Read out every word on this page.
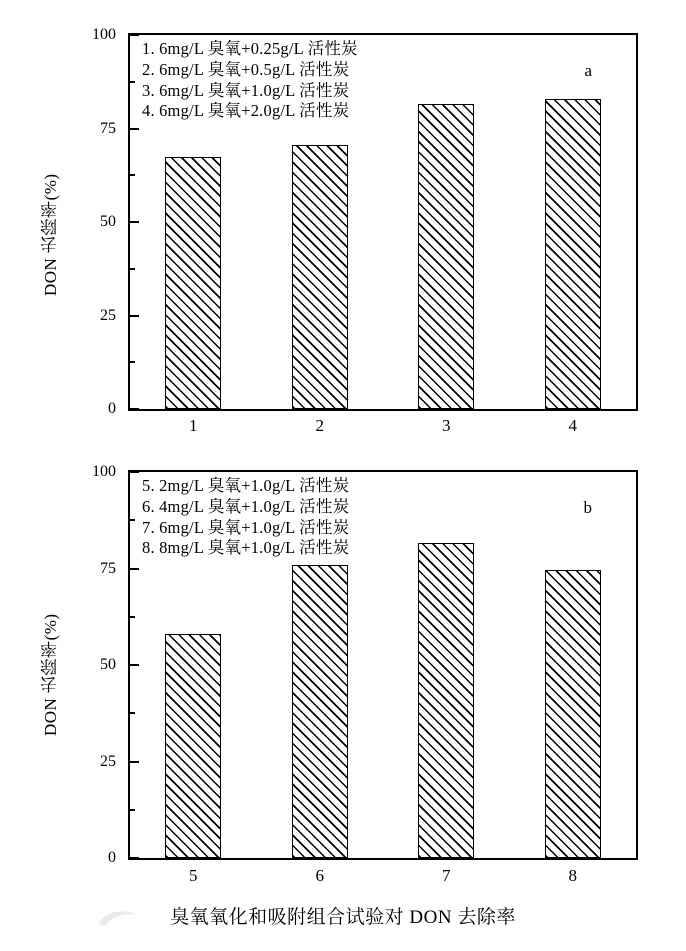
DON 去除率(%)
100
75
50
25
0
1. 6mg/L 臭氧+0.25g/L 活性炭
2. 6mg/L 臭氧+0.5g/L 活性炭
3. 6mg/L 臭氧+1.0g/L 活性炭
4. 6mg/L 臭氧+2.0g/L 活性炭
a
1	2	3	4
DON 去除率(%)
100
75
50
25
0
5. 2mg/L 臭氧+1.0g/L 活性炭
6. 4mg/L 臭氧+1.0g/L 活性炭
7. 6mg/L 臭氧+1.0g/L 活性炭
8. 8mg/L 臭氧+1.0g/L 活性炭
b
5	6	7	8
臭氧氧化和吸附组合试验对 DON 去除率
